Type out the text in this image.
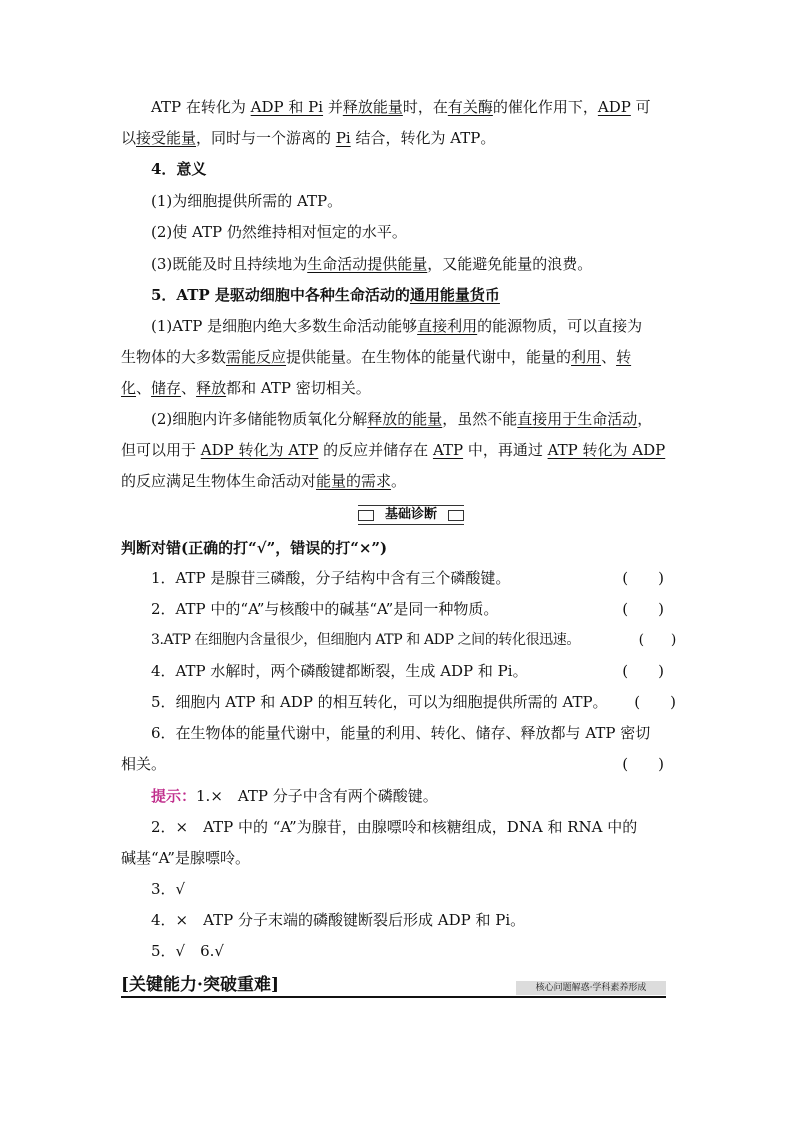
ATP 在转化为 ADP 和 Pi 并释放能量时，在有关酶的催化作用下，ADP 可
以接受能量，同时与一个游离的 Pi 结合，转化为 ATP。
4．意义
(1)为细胞提供所需的 ATP。
(2)使 ATP 仍然维持相对恒定的水平。
(3)既能及时且持续地为生命活动提供能量，又能避免能量的浪费。
5．ATP 是驱动细胞中各种生命活动的通用能量货币
(1)ATP 是细胞内绝大多数生命活动能够直接利用的能源物质，可以直接为
生物体的大多数需能反应提供能量。在生物体的能量代谢中，能量的利用、转
化、储存、释放都和 ATP 密切相关。
(2)细胞内许多储能物质氧化分解释放的能量，虽然不能直接用于生命活动，
但可以用于 ADP 转化为 ATP 的反应并储存在 ATP 中，再通过 ATP 转化为 ADP
的反应满足生物体生命活动对能量的需求。
基础诊断
判断对错(正确的打“√”，错误的打“×”)
1．ATP 是腺苷三磷酸，分子结构中含有三个磷酸键。	(　　)
2．ATP 中的“A”与核酸中的碱基“A”是同一种物质。	(　　)
3.ATP 在细胞内含量很少，但细胞内 ATP 和 ADP 之间的转化很迅速。	(　　)
4．ATP 水解时，两个磷酸键都断裂，生成 ADP 和 Pi。	(　　)
5．细胞内 ATP 和 ADP 的相互转化，可以为细胞提供所需的 ATP。 (　　)
6．在生物体的能量代谢中，能量的利用、转化、储存、释放都与 ATP 密切
相关。	(　　)
提示：1.×　ATP 分子中含有两个磷酸键。
2．×　ATP 中的 “A”为腺苷，由腺嘌呤和核糖组成，DNA 和 RNA 中的
碱基“A”是腺嘌呤。
3．√
4．×　ATP 分子末端的磷酸键断裂后形成 ADP 和 Pi。
5．√　6.√
[关键能力·突破重难]	核心问题解惑·学科素养形成
